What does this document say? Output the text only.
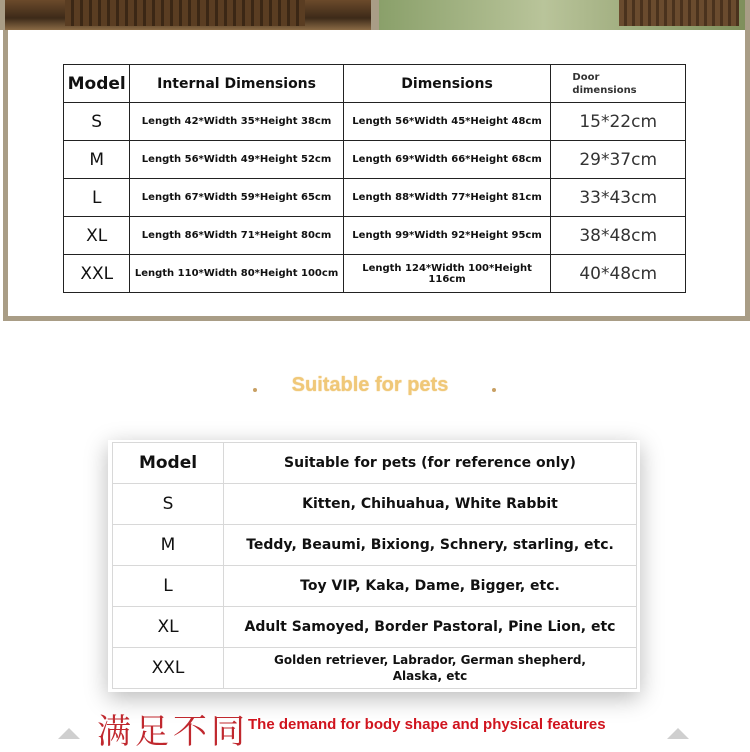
Model	Internal Dimensions	Dimensions	Door dimensions

S	Length 42*Width 35*Height 38cm	Length 56*Width 45*Height 48cm	15*22cm
M	Length 56*Width 49*Height 52cm	Length 69*Width 66*Height 68cm	29*37cm
L	Length 67*Width 59*Height 65cm	Length 88*Width 77*Height 81cm	33*43cm
XL	Length 86*Width 71*Height 80cm	Length 99*Width 92*Height 95cm	38*48cm
XXL	Length 110*Width 80*Height 100cm	Length 124*Width 100*Height 116cm	40*48cm
Suitable for pets
Model	Suitable for pets (for reference only)
S	Kitten, Chihuahua, White Rabbit
M	Teddy, Beaumi, Bixiong, Schnery, starling, etc.
L	Toy VIP, Kaka, Dame, Bigger, etc.
XL	Adult Samoyed, Border Pastoral, Pine Lion, etc
XXL	Golden retriever, Labrador, German shepherd, Alaska, etc
满足不同 The demand for body shape and physical features
